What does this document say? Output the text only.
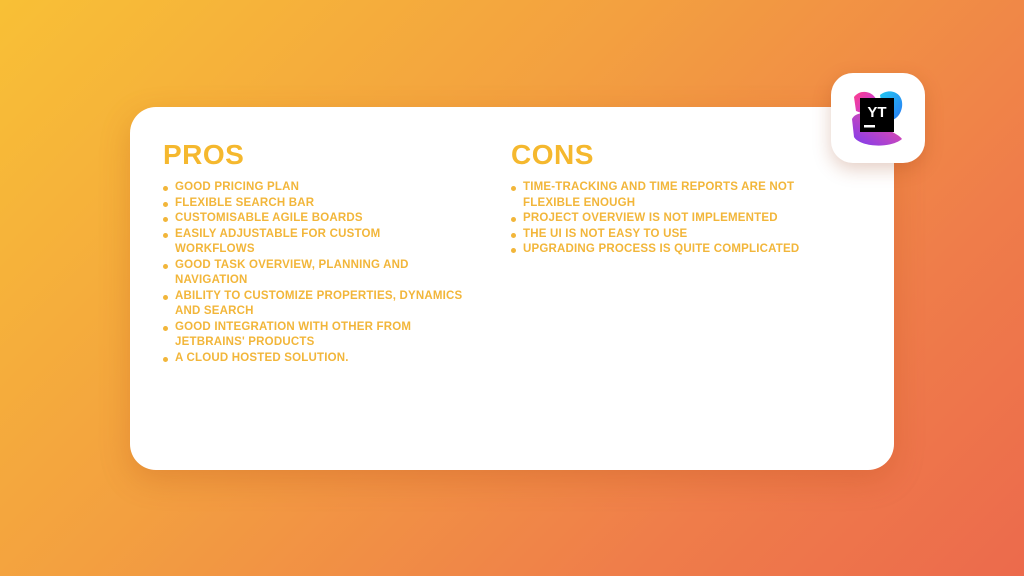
PROS
GOOD PRICING PLAN
FLEXIBLE SEARCH BAR
CUSTOMISABLE AGILE BOARDS
EASILY ADJUSTABLE FOR CUSTOM WORKFLOWS
GOOD TASK OVERVIEW, PLANNING AND NAVIGATION
ABILITY TO CUSTOMIZE PROPERTIES, DYNAMICS AND SEARCH
GOOD INTEGRATION WITH OTHER FROM JETBRAINS' PRODUCTS
A CLOUD HOSTED SOLUTION.
CONS
TIME-TRACKING AND TIME REPORTS ARE NOT FLEXIBLE ENOUGH
PROJECT OVERVIEW IS NOT IMPLEMENTED
THE UI IS NOT EASY TO USE
UPGRADING PROCESS IS QUITE COMPLICATED
YT
